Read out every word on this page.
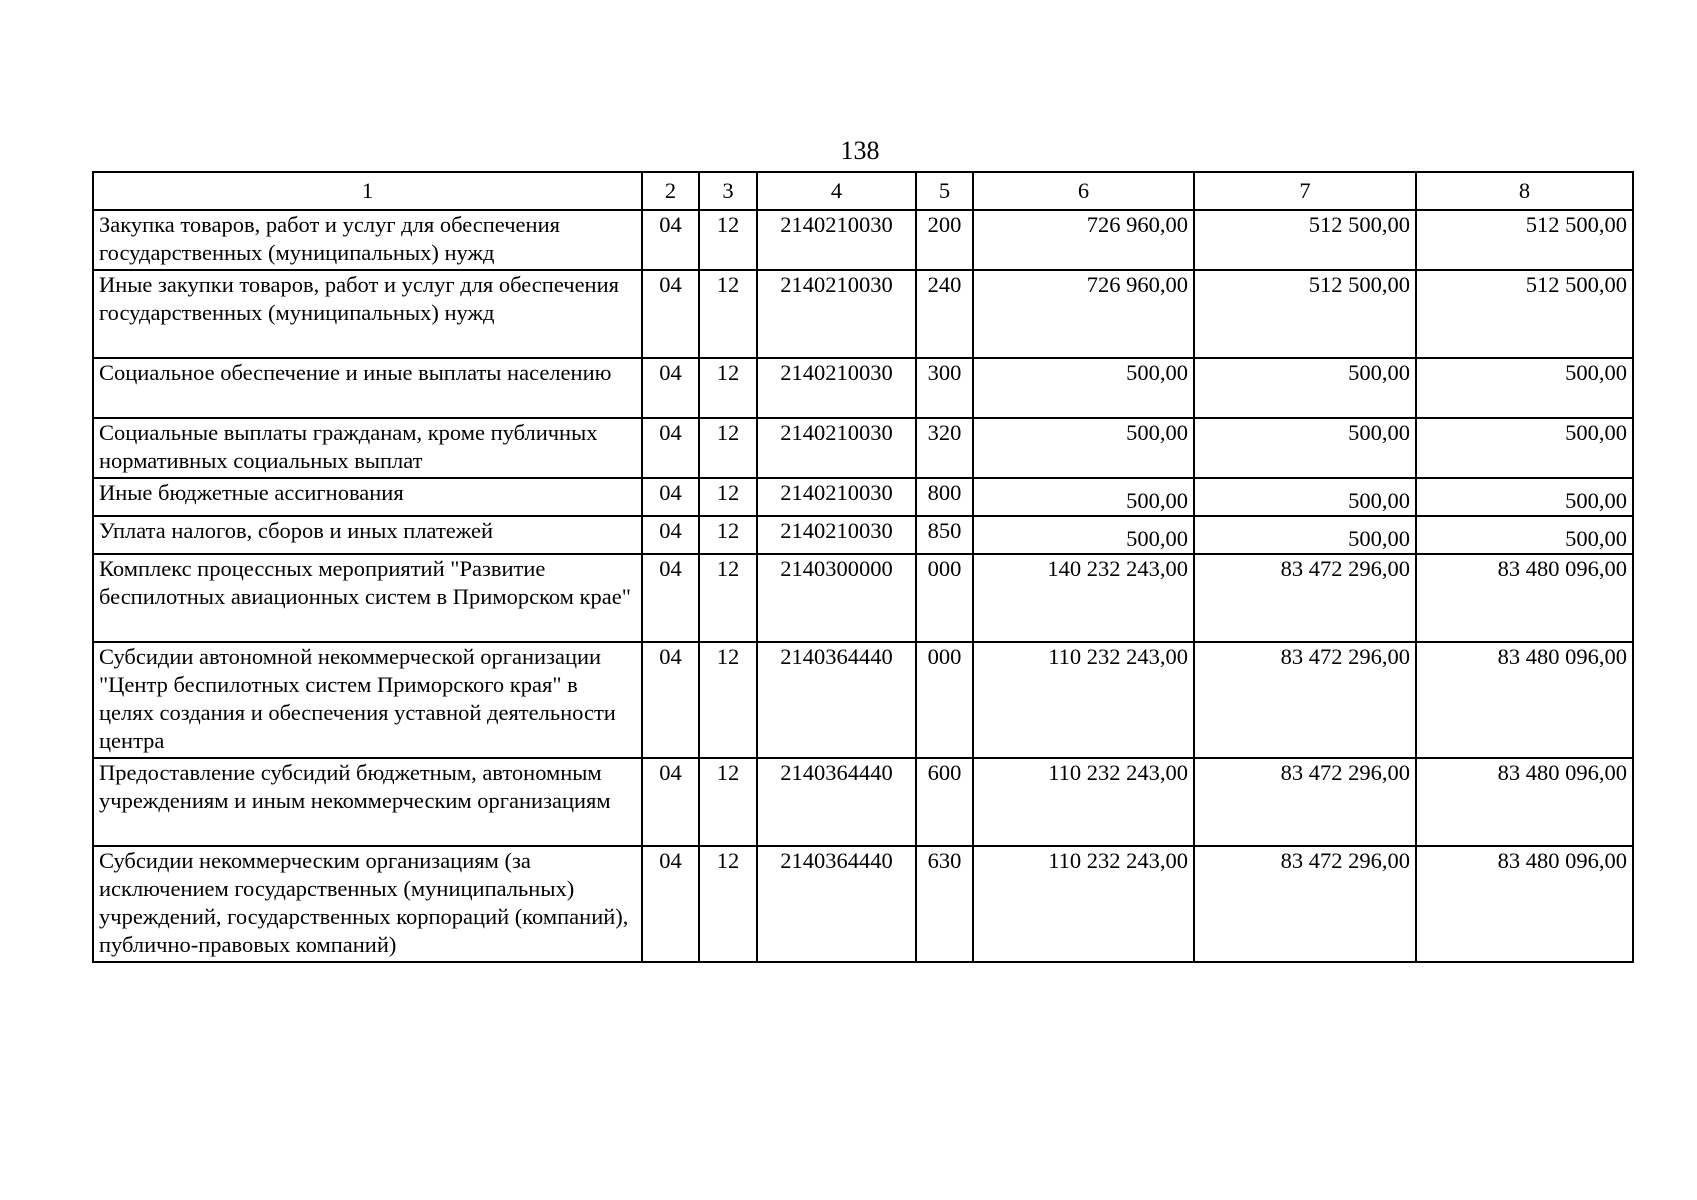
138
1	2	3	4	5	6	7	8
Закупка товаров, работ и услуг для обеспечения государственных (муниципальных) нужд	04	12	2140210030	200	726 960,00	512 500,00	512 500,00
Иные закупки товаров, работ и услуг для обеспечения государственных (муниципальных) нужд	04	12	2140210030	240	726 960,00	512 500,00	512 500,00
Социальное обеспечение и иные выплаты населению	04	12	2140210030	300	500,00	500,00	500,00
Социальные выплаты гражданам, кроме публичных нормативных социальных выплат	04	12	2140210030	320	500,00	500,00	500,00
Иные бюджетные ассигнования	04	12	2140210030	800	500,00	500,00	500,00
Уплата налогов, сборов и иных платежей	04	12	2140210030	850	500,00	500,00	500,00
Комплекс процессных мероприятий "Развитие беспилотных авиационных систем в Приморском крае"	04	12	2140300000	000	140 232 243,00	83 472 296,00	83 480 096,00
Субсидии автономной некоммерческой организации "Центр беспилотных систем Приморского края" в целях создания и обеспечения уставной деятельности центра	04	12	2140364440	000	110 232 243,00	83 472 296,00	83 480 096,00
Предоставление субсидий бюджетным, автономным учреждениям и иным некоммерческим организациям	04	12	2140364440	600	110 232 243,00	83 472 296,00	83 480 096,00
Субсидии некоммерческим организациям (за исключением государственных (муниципальных) учреждений, государственных корпораций (компаний), публично-правовых компаний)	04	12	2140364440	630	110 232 243,00	83 472 296,00	83 480 096,00
